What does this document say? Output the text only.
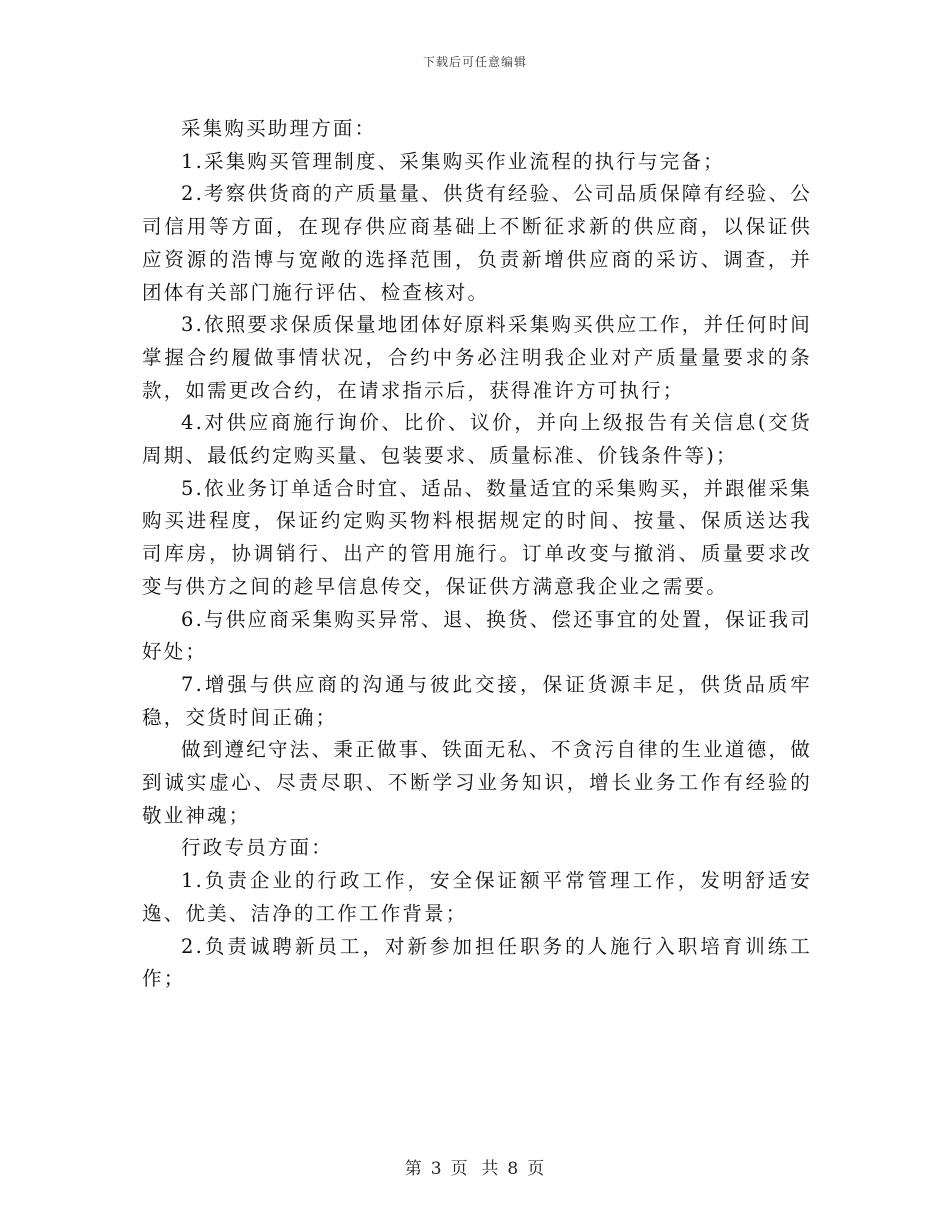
下载后可任意编辑

采集购买助理方面：

1.采集购买管理制度、采集购买作业流程的执行与完备；

2.考察供货商的产质量量、供货有经验、公司品质保障有经验、公司信用等方面，在现存供应商基础上不断征求新的供应商，以保证供应资源的浩博与宽敞的选择范围，负责新增供应商的采访、调查，并团体有关部门施行评估、检查核对。

3.依照要求保质保量地团体好原料采集购买供应工作，并任何时间掌握合约履做事情状况，合约中务必注明我企业对产质量量要求的条款，如需更改合约，在请求指示后，获得准许方可执行；

4.对供应商施行询价、比价、议价，并向上级报告有关信息(交货周期、最低约定购买量、包装要求、质量标准、价钱条件等)；

5.依业务订单适合时宜、适品、数量适宜的采集购买，并跟催采集购买进程度，保证约定购买物料根据规定的时间、按量、保质送达我司库房，协调销行、出产的管用施行。订单改变与撤消、质量要求改变与供方之间的趁早信息传交，保证供方满意我企业之需要。

6.与供应商采集购买异常、退、换货、偿还事宜的处置，保证我司好处；

7.增强与供应商的沟通与彼此交接，保证货源丰足，供货品质牢稳，交货时间正确；

做到遵纪守法、秉正做事、铁面无私、不贪污自律的生业道德，做到诚实虚心、尽责尽职、不断学习业务知识，增长业务工作有经验的敬业神魂；

行政专员方面：

1.负责企业的行政工作，安全保证额平常管理工作，发明舒适安逸、优美、洁净的工作工作背景；

2.负责诚聘新员工，对新参加担任职务的人施行入职培育训练工作；

第 3 页  共 8 页
